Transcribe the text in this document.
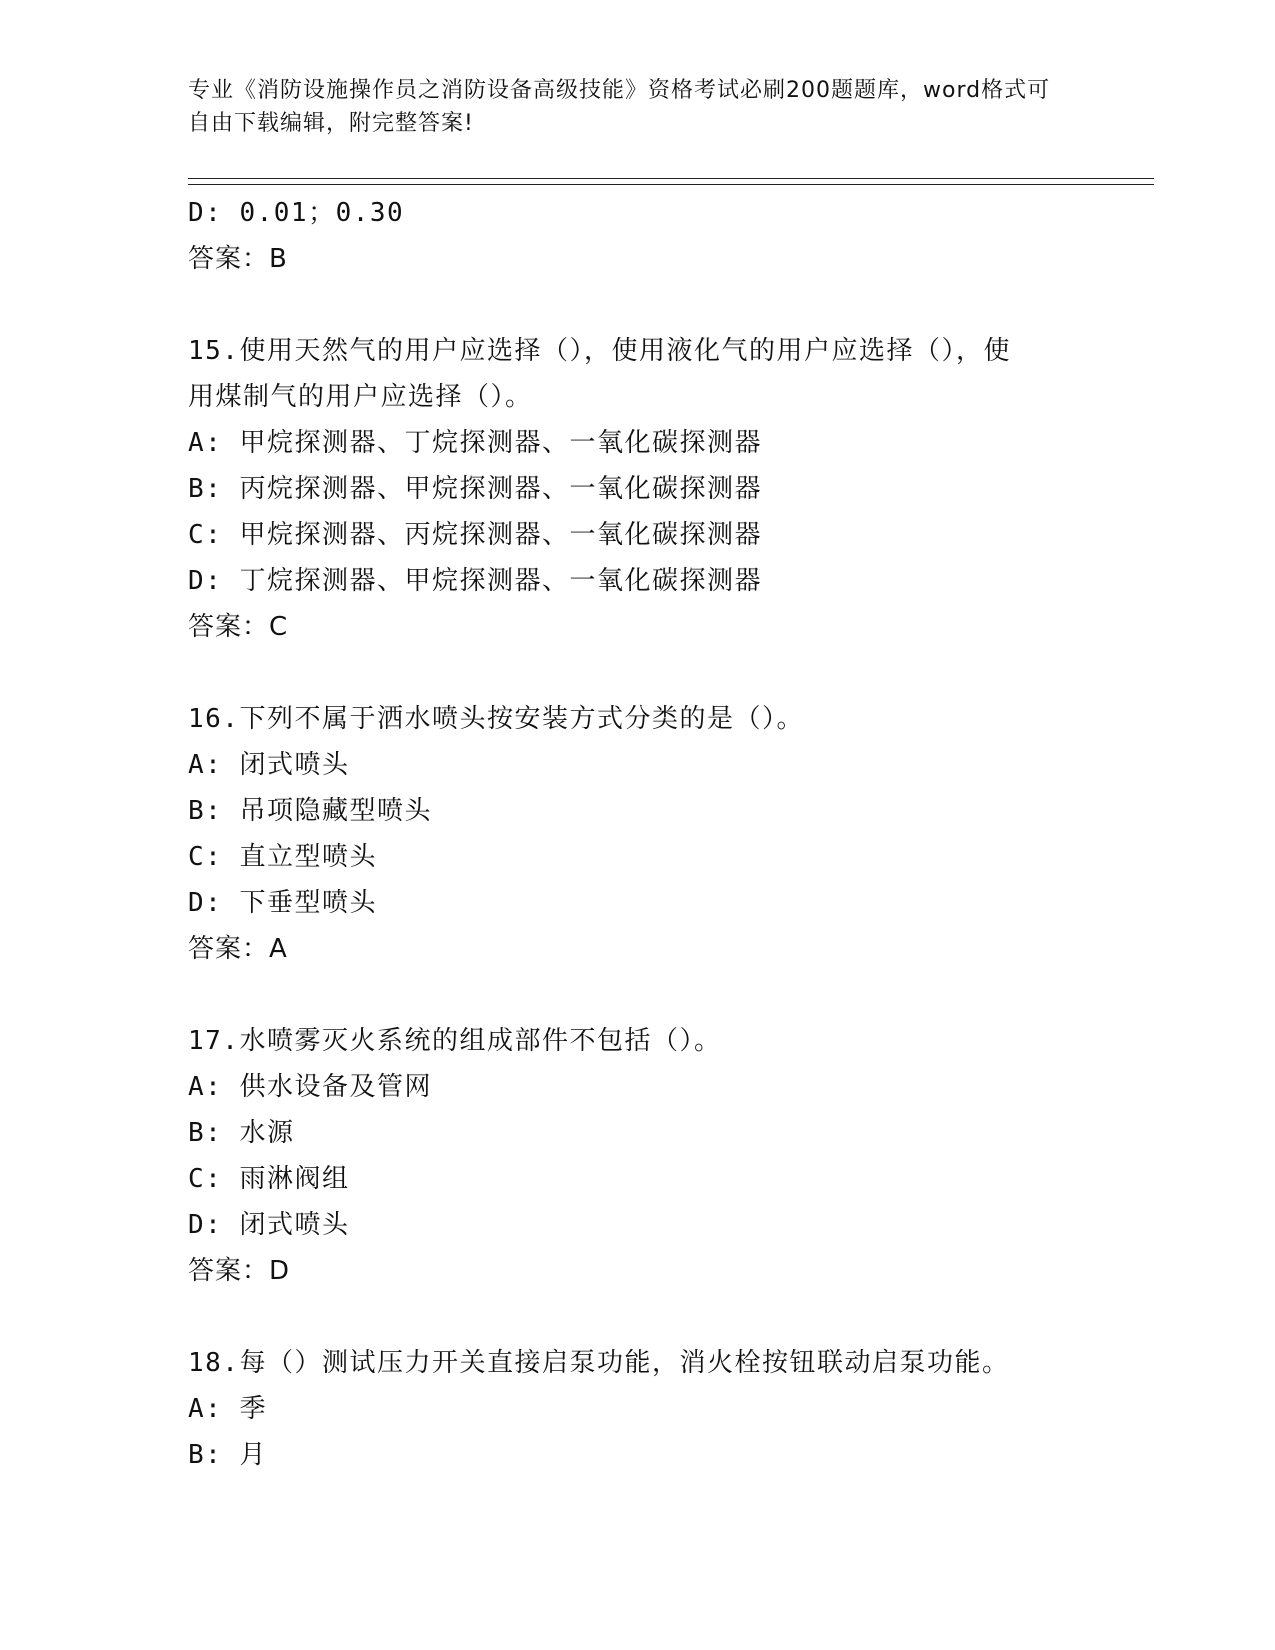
专业《消防设施操作员之消防设备高级技能》资格考试必刷200题题库，word格式可自由下载编辑，附完整答案!
D: 0.01；0.30
答案：B
15.使用天然气的用户应选择（），使用液化气的用户应选择（），使
用煤制气的用户应选择（）。
A: 甲烷探测器、丁烷探测器、一氧化碳探测器
B: 丙烷探测器、甲烷探测器、一氧化碳探测器
C: 甲烷探测器、丙烷探测器、一氧化碳探测器
D: 丁烷探测器、甲烷探测器、一氧化碳探测器
答案：C
16.下列不属于洒水喷头按安装方式分类的是（）。
A: 闭式喷头
B: 吊项隐藏型喷头
C: 直立型喷头
D: 下垂型喷头
答案：A
17.水喷雾灭火系统的组成部件不包括（）。
A: 供水设备及管网
B: 水源
C: 雨淋阀组
D: 闭式喷头
答案：D
18.每（）测试压力开关直接启泵功能，消火栓按钮联动启泵功能。
A: 季
B: 月
